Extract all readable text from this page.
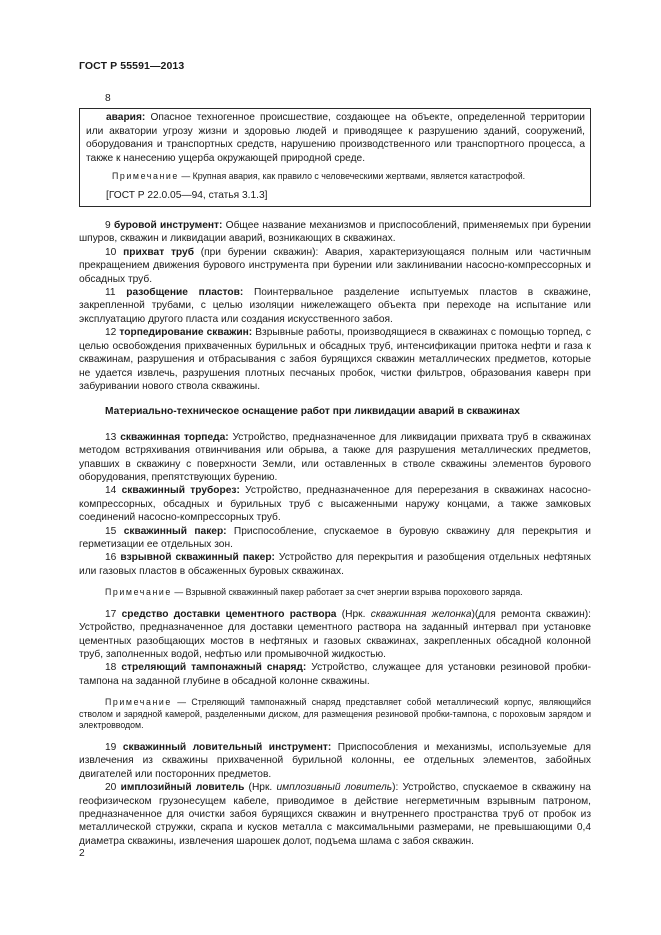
ГОСТ Р 55591—2013
8

авария: Опасное техногенное происшествие, создающее на объекте, определенной территории или акватории угрозу жизни и здоровью людей и приводящее к разрушению зданий, сооружений, оборудования и транспортных средств, нарушению производственного или транспортного процесса, а также к нанесению ущерба окружающей природной среде.

Примечание — Крупная авария, как правило с человеческими жертвами, является катастрофой.

[ГОСТ Р 22.0.05—94, статья 3.1.3]

9 буровой инструмент: Общее название механизмов и приспособлений, применяемых при бурении шпуров, скважин и ликвидации аварий, возникающих в скважинах.

10 прихват труб (при бурении скважин): Авария, характеризующаяся полным или частичным прекращением движения бурового инструмента при бурении или заклинивании насосно-компрессорных и обсадных труб.

11 разобщение пластов: Поинтервальное разделение испытуемых пластов в скважине, закрепленной трубами, с целью изоляции нижележащего объекта при переходе на испытание или эксплуатацию другого пласта или создания искусственного забоя.

12 торпедирование скважин: Взрывные работы, производящиеся в скважинах с помощью торпед, с целью освобождения прихваченных бурильных и обсадных труб, интенсификации притока нефти и газа к скважинам, разрушения и отбрасывания с забоя бурящихся скважин металлических предметов, которые не удается извлечь, разрушения плотных песчаных пробок, чистки фильтров, образования каверн при забуривании нового ствола скважины.

Материально-техническое оснащение работ при ликвидации аварий в скважинах

13 скважинная торпеда: Устройство, предназначенное для ликвидации прихвата труб в скважинах методом встряхивания отвинчивания или обрыва, а также для разрушения металлических предметов, упавших в скважину с поверхности Земли, или оставленных в стволе скважины элементов бурового оборудования, препятствующих бурению.

14 скважинный труборез: Устройство, предназначенное для перерезания в скважинах насосно-компрессорных, обсадных и бурильных труб с высаженными наружу концами, а также замковых соединений насосно-компрессорных труб.

15 скважинный пакер: Приспособление, спускаемое в буровую скважину для перекрытия и герметизации ее отдельных зон.

16 взрывной скважинный пакер: Устройство для перекрытия и разобщения отдельных нефтяных или газовых пластов в обсаженных буровых скважинах.

Примечание — Взрывной скважинный пакер работает за счет энергии взрыва порохового заряда.

17 средство доставки цементного раствора (Нрк. скважинная желонка)(для ремонта скважин): Устройство, предназначенное для доставки цементного раствора на заданный интервал при установке цементных разобщающих мостов в нефтяных и газовых скважинах, закрепленных обсадной колонной труб, заполненных водой, нефтью или промывочной жидкостью.

18 стреляющий тампонажный снаряд: Устройство, служащее для установки резиновой пробки-тампона на заданной глубине в обсадной колонне скважины.

Примечание — Стреляющий тампонажный снаряд представляет собой металлический корпус, являющийся стволом и зарядной камерой, разделенными диском, для размещения резиновой пробки-тампона, с пороховым зарядом и электровводом.

19 скважинный ловительный инструмент: Приспособления и механизмы, используемые для извлечения из скважины прихваченной бурильной колонны, ее отдельных элементов, забойных двигателей или посторонних предметов.

20 имплозийный ловитель (Нрк. имплозивный ловитель): Устройство, спускаемое в скважину на геофизическом грузонесущем кабеле, приводимое в действие негерметичным взрывным патроном, предназначенное для очистки забоя бурящихся скважин и внутреннего пространства труб от пробок из металлической стружки, скрапа и кусков металла с максимальными размерами, не превышающими 0,4 диаметра скважины, извлечения шарошек долот, подъема шлама с забоя скважин.

2
